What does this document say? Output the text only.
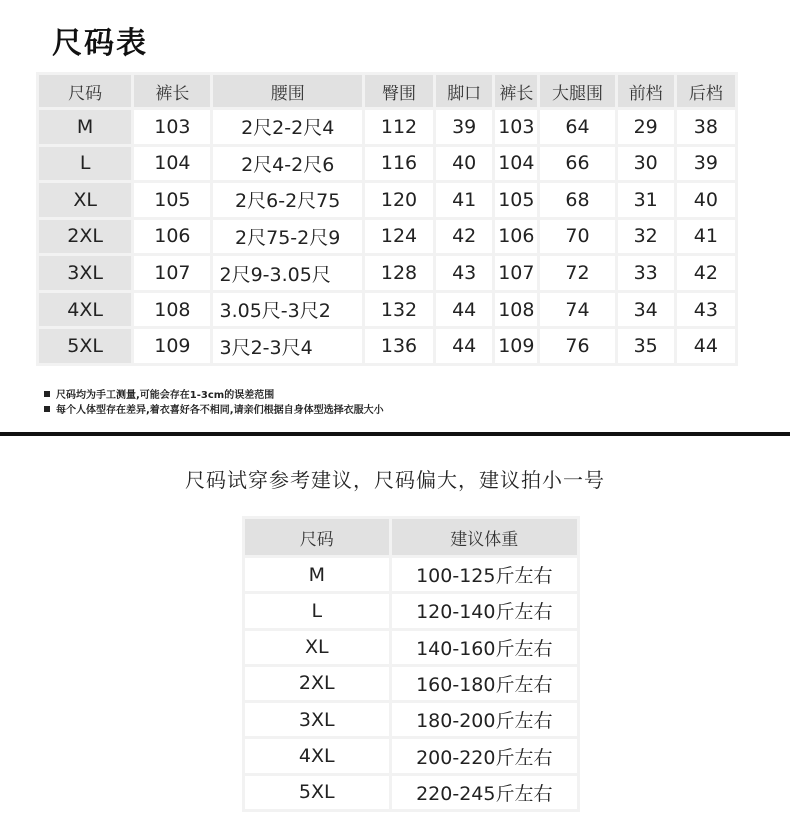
尺码表
尺码	裤长	腰围	臀围	脚口	裤长	大腿围	前档	后档
M	103	2尺2-2尺4	112	39	103	64	29	38
L	104	2尺4-2尺6	116	40	104	66	30	39
XL	105	2尺6-2尺75	120	41	105	68	31	40
2XL	106	2尺75-2尺9	124	42	106	70	32	41
3XL	107	2尺9-3.05尺	128	43	107	72	33	42
4XL	108	3.05尺-3尺2	132	44	108	74	34	43
5XL	109	3尺2-3尺4	136	44	109	76	35	44
尺码均为手工测量,可能会存在1-3cm的误差范围
每个人体型存在差异,着衣喜好各不相同,请亲们根据自身体型选择衣服大小
尺码试穿参考建议，尺码偏大，建议拍小一号
尺码	建议体重
M	100-125斤左右
L	120-140斤左右
XL	140-160斤左右
2XL	160-180斤左右
3XL	180-200斤左右
4XL	200-220斤左右
5XL	220-245斤左右
